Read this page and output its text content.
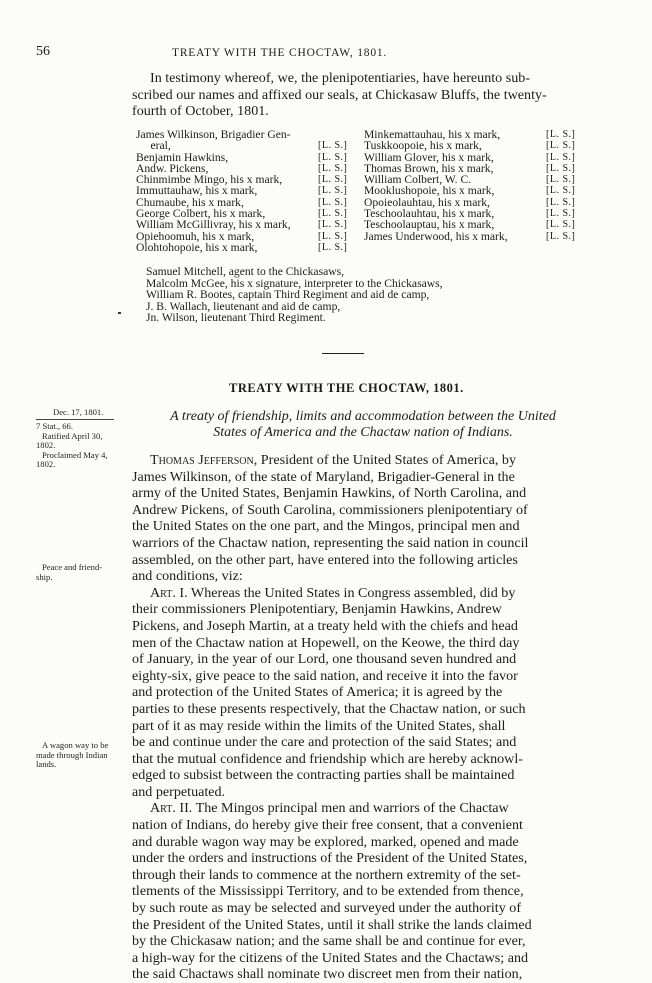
56	TREATY WITH THE CHOCTAW, 1801.
In testimony whereof, we, the plenipotentiaries, have hereunto sub-
scribed our names and affixed our seals, at Chickasaw Bluffs, the twenty-
fourth of October, 1801.
James Wilkinson, Brigadier Gen-
eral,	[L. S.]
Benjamin Hawkins,	[L. S.]
Andw. Pickens,	[L. S.]
Chinmimbe Mingo, his x mark,	[L. S.]
Immuttauhaw, his x mark,	[L. S.]
Chumaube, his x mark,	[L. S.]
George Colbert, his x mark,	[L. S.]
William McGillivray, his x mark,	[L. S.]
Opiehoomuh, his x mark,	[L. S.]
Olohtohopoie, his x mark,	[L. S.]
Minkemattauhau, his x mark,	[L. S.]
Tuskkoopoie, his x mark,	[L. S.]
William Glover, his x mark,	[L. S.]
Thomas Brown, his x mark,	[L. S.]
William Colbert, W. C.	[L. S.]
Mooklushopoie, his x mark,	[L. S.]
Opoieolauhtau, his x mark,	[L. S.]
Teschoolauhtau, his x mark,	[L. S.]
Teschoolauptau, his x mark,	[L. S.]
James Underwood, his x mark,	[L. S.]
Samuel Mitchell, agent to the Chickasaws,
Malcolm McGee, his x signature, interpreter to the Chickasaws,
William R. Bootes, captain Third Regiment and aid de camp,
J. B. Wallach, lieutenant and aid de camp,
Jn. Wilson, lieutenant Third Regiment.
TREATY WITH THE CHOCTAW, 1801.
Dec. 17, 1801.
7 Stat., 66.
Ratified April 30,
1802.
Proclaimed May 4,
1802.
Peace and friend-
ship.
A wagon way to be
made through Indian
lands.
A treaty of friendship, limits and accommodation between the United
States of America and the Chactaw nation of Indians.
Thomas Jefferson, President of the United States of America, by
James Wilkinson, of the state of Maryland, Brigadier-General in the
army of the United States, Benjamin Hawkins, of North Carolina, and
Andrew Pickens, of South Carolina, commissioners plenipotentiary of
the United States on the one part, and the Mingos, principal men and
warriors of the Chactaw nation, representing the said nation in council
assembled, on the other part, have entered into the following articles
and conditions, viz:
Art. I. Whereas the United States in Congress assembled, did by
their commissioners Plenipotentiary, Benjamin Hawkins, Andrew
Pickens, and Joseph Martin, at a treaty held with the chiefs and head
men of the Chactaw nation at Hopewell, on the Keowe, the third day
of January, in the year of our Lord, one thousand seven hundred and
eighty-six, give peace to the said nation, and receive it into the favor
and protection of the United States of America; it is agreed by the
parties to these presents respectively, that the Chactaw nation, or such
part of it as may reside within the limits of the United States, shall
be and continue under the care and protection of the said States; and
that the mutual confidence and friendship which are hereby acknowl-
edged to subsist between the contracting parties shall be maintained
and perpetuated.
Art. II. The Mingos principal men and warriors of the Chactaw
nation of Indians, do hereby give their free consent, that a convenient
and durable wagon way may be explored, marked, opened and made
under the orders and instructions of the President of the United States,
through their lands to commence at the northern extremity of the set-
tlements of the Mississippi Territory, and to be extended from thence,
by such route as may be selected and surveyed under the authority of
the President of the United States, until it shall strike the lands claimed
by the Chickasaw nation; and the same shall be and continue for ever,
a high-way for the citizens of the United States and the Chactaws; and
the said Chactaws shall nominate two discreet men from their nation,
